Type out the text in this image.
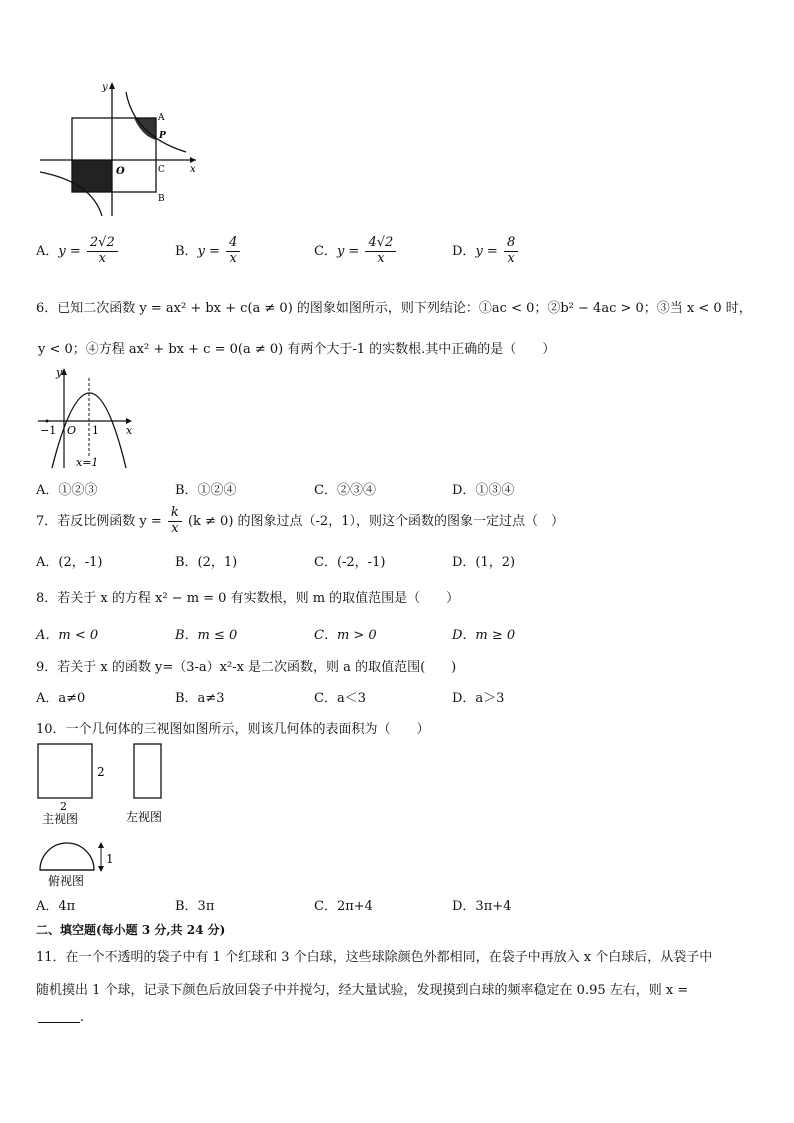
y
x
O
A
P
C
B
A．$y = \frac{2√2}{x}$	B．$y = \frac{4}{x}$	C．$y = \frac{4√2}{x}$	D．$y = \frac{8}{x}$
6．已知二次函数 y = ax² + bx + c(a ≠ 0) 的图象如图所示，则下列结论：①ac < 0；②b² − 4ac > 0；③当 x < 0 时，
y < 0；④方程 ax² + bx + c = 0(a ≠ 0) 有两个大于-1 的实数根.其中正确的是（　　）
y
−1 O 1 x
x=1
A．①②③	B．①②④	C．②③④	D．①③④
7．若反比例函数 $y = \frac{k}{x} (k \ne 0)$ 的图象过点（-2，1），则这个函数的图象一定过点（　）
A．(2，-1)	B．(2，1)	C．(-2，-1)	D．(1，2)
8．若关于 x 的方程 x² − m = 0 有实数根，则 m 的取值范围是（　　）
A．m < 0	B．m ≤ 0	C．m > 0	D．m ≥ 0
9．若关于 x 的函数 y=（3-a）x²-x 是二次函数，则 a 的取值范围(　　)
A．a≠0	B．a≠3	C．a＜3	D．a＞3
10．一个几何体的三视图如图所示，则该几何体的表面积为（　　）
2
2
主视图	左视图
1
俯视图
A．4π	B．3π	C．2π+4	D．3π+4
二、填空题(每小题 3 分,共 24 分)
11．在一个不透明的袋子中有 1 个红球和 3 个白球，这些球除颜色外都相同，在袋子中再放入 x 个白球后，从袋子中
随机摸出 1 个球，记录下颜色后放回袋子中并搅匀，经大量试验，发现摸到白球的频率稳定在 0.95 左右，则 x =
.
